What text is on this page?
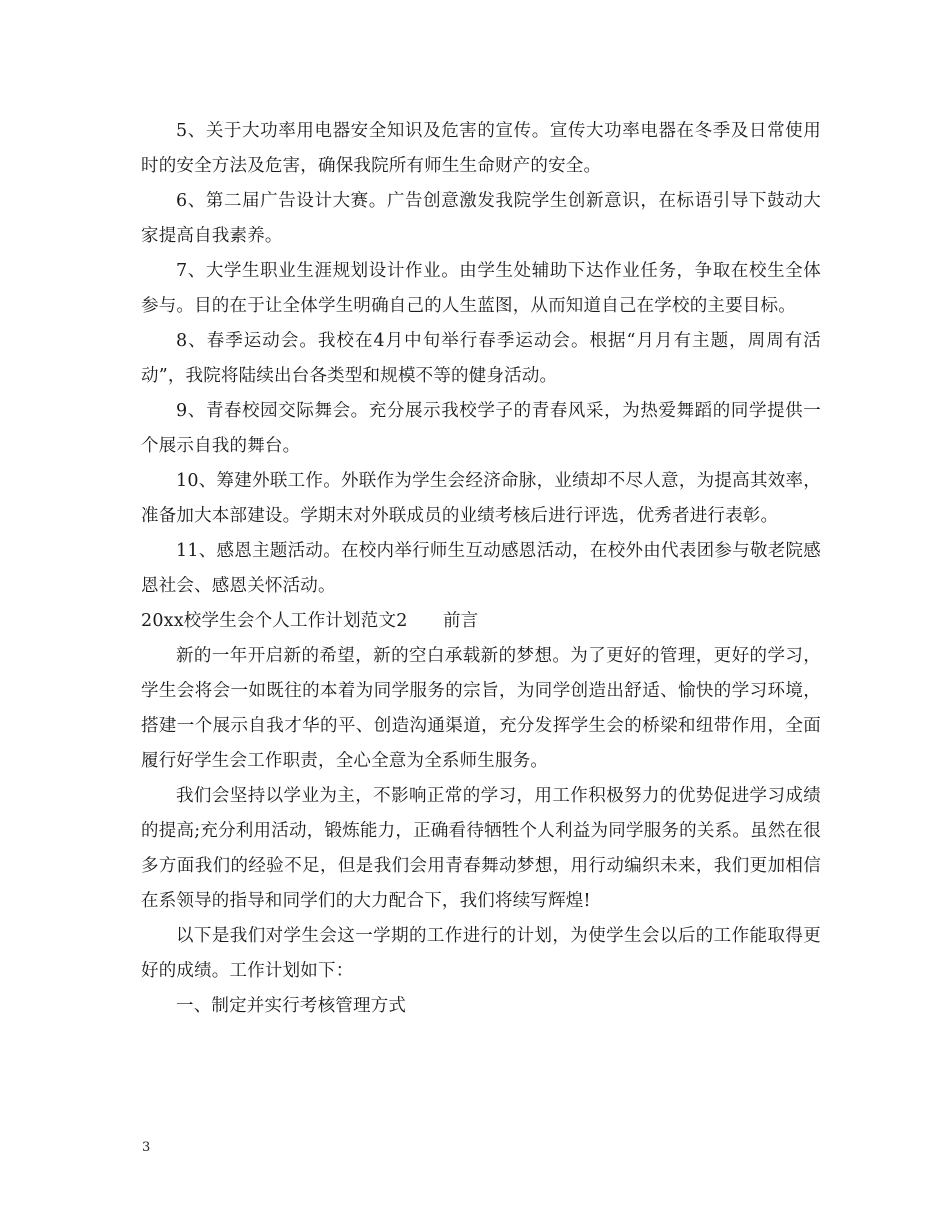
5、关于大功率用电器安全知识及危害的宣传。宣传大功率电器在冬季及日常使用时的安全方法及危害，确保我院所有师生生命财产的安全。

6、第二届广告设计大赛。广告创意激发我院学生创新意识，在标语引导下鼓动大家提高自我素养。

7、大学生职业生涯规划设计作业。由学生处辅助下达作业任务，争取在校生全体参与。目的在于让全体学生明确自己的人生蓝图，从而知道自己在学校的主要目标。

8、春季运动会。我校在4月中旬举行春季运动会。根据“月月有主题，周周有活动”，我院将陆续出台各类型和规模不等的健身活动。

9、青春校园交际舞会。充分展示我校学子的青春风采，为热爱舞蹈的同学提供一个展示自我的舞台。

10、筹建外联工作。外联作为学生会经济命脉，业绩却不尽人意，为提高其效率，准备加大本部建设。学期末对外联成员的业绩考核后进行评选，优秀者进行表彰。

11、感恩主题活动。在校内举行师生互动感恩活动，在校外由代表团参与敬老院感恩社会、感恩关怀活动。

20xx校学生会个人工作计划范文2　　前言

新的一年开启新的希望，新的空白承载新的梦想。为了更好的管理，更好的学习，学生会将会一如既往的本着为同学服务的宗旨，为同学创造出舒适、愉快的学习环境，搭建一个展示自我才华的平、创造沟通渠道，充分发挥学生会的桥梁和纽带作用，全面履行好学生会工作职责，全心全意为全系师生服务。

我们会坚持以学业为主，不影响正常的学习，用工作积极努力的优势促进学习成绩的提高;充分利用活动，锻炼能力，正确看待牺牲个人利益为同学服务的关系。虽然在很多方面我们的经验不足，但是我们会用青春舞动梦想，用行动编织未来，我们更加相信在系领导的指导和同学们的大力配合下，我们将续写辉煌!

以下是我们对学生会这一学期的工作进行的计划，为使学生会以后的工作能取得更好的成绩。工作计划如下：

一、制定并实行考核管理方式

3
